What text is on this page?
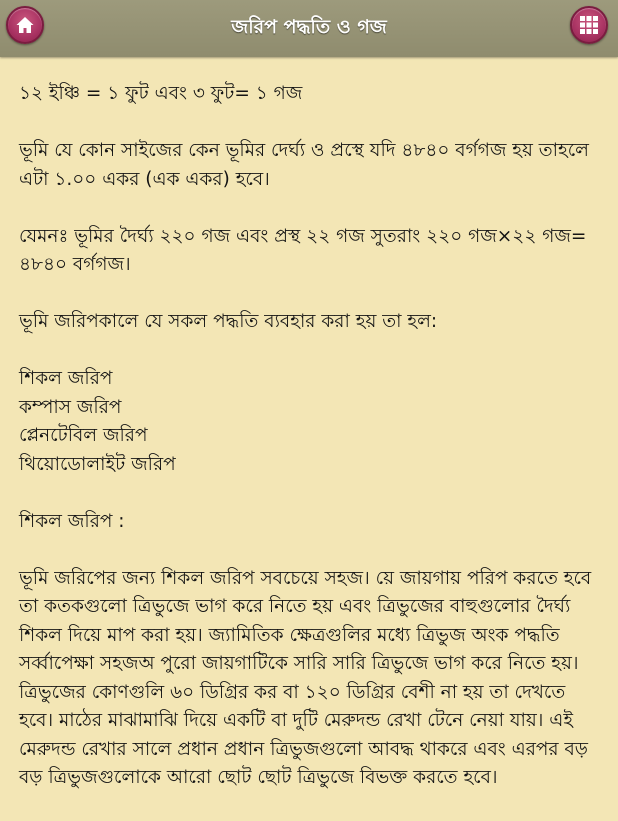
জরিপ পদ্ধতি ও গজ

১২ ইঞ্চি = ১ ফুট এবং ৩ ফুট= ১ গজ

ভূমি যে কোন সাইজের কেন ভূমির দের্ঘ্য ও প্রস্থে যদি ৪৮৪০ বর্গগজ হয় তাহলে এটা ১.০০ একর (এক একর) হবে।

যেমনঃ ভূমির দৈর্ঘ্য ২২০ গজ এবং প্রস্থ ২২ গজ সুতরাং ২২০ গজ×২২ গজ= ৪৮৪০ বর্গগজ।

ভূমি জরিপকালে যে সকল পদ্ধতি ব্যবহার করা হয় তা হল:

শিকল জরিপ
কম্পাস জরিপ
প্লেনটেবিল জরিপ
থিয়োডোলাইট জরিপ

শিকল জরিপ :

ভূমি জরিপের জন্য শিকল জরিপ সবচেয়ে সহজ। য়ে জায়গায় পরিপ করতে হবে তা কতকগুলো ত্রিভুজে ভাগ করে নিতে হয় এবং ত্রিভুজের বাহুগুলোর দৈর্ঘ্য শিকল দিয়ে মাপ করা হয়। জ্যামিতিক ক্ষেত্রগুলির মধ্যে ত্রিভুজ অংক পদ্ধতি সর্ব্বাপেক্ষা সহজঅ পুরো জায়গাটিকে সারি সারি ত্রিভুজে ভাগ করে নিতে হয়। ত্রিভুজের কোণগুলি ৬০ ডিগ্রির কর বা ১২০ ডিগ্রির বেশী না হয় তা দেখতে হবে। মাঠের মাঝামাঝি দিয়ে একটি বা দুটি মেরুদন্ড রেখা টেনে নেয়া যায়। এই মেরুদন্ড রেখার সালে প্রধান প্রধান ত্রিভুজগুলো আবদ্ধ থাকরে এবং এরপর বড় বড় ত্রিভুজগুলোকে আরো ছোট ছোট ত্রিভুজে বিভক্ত করতে হবে।
